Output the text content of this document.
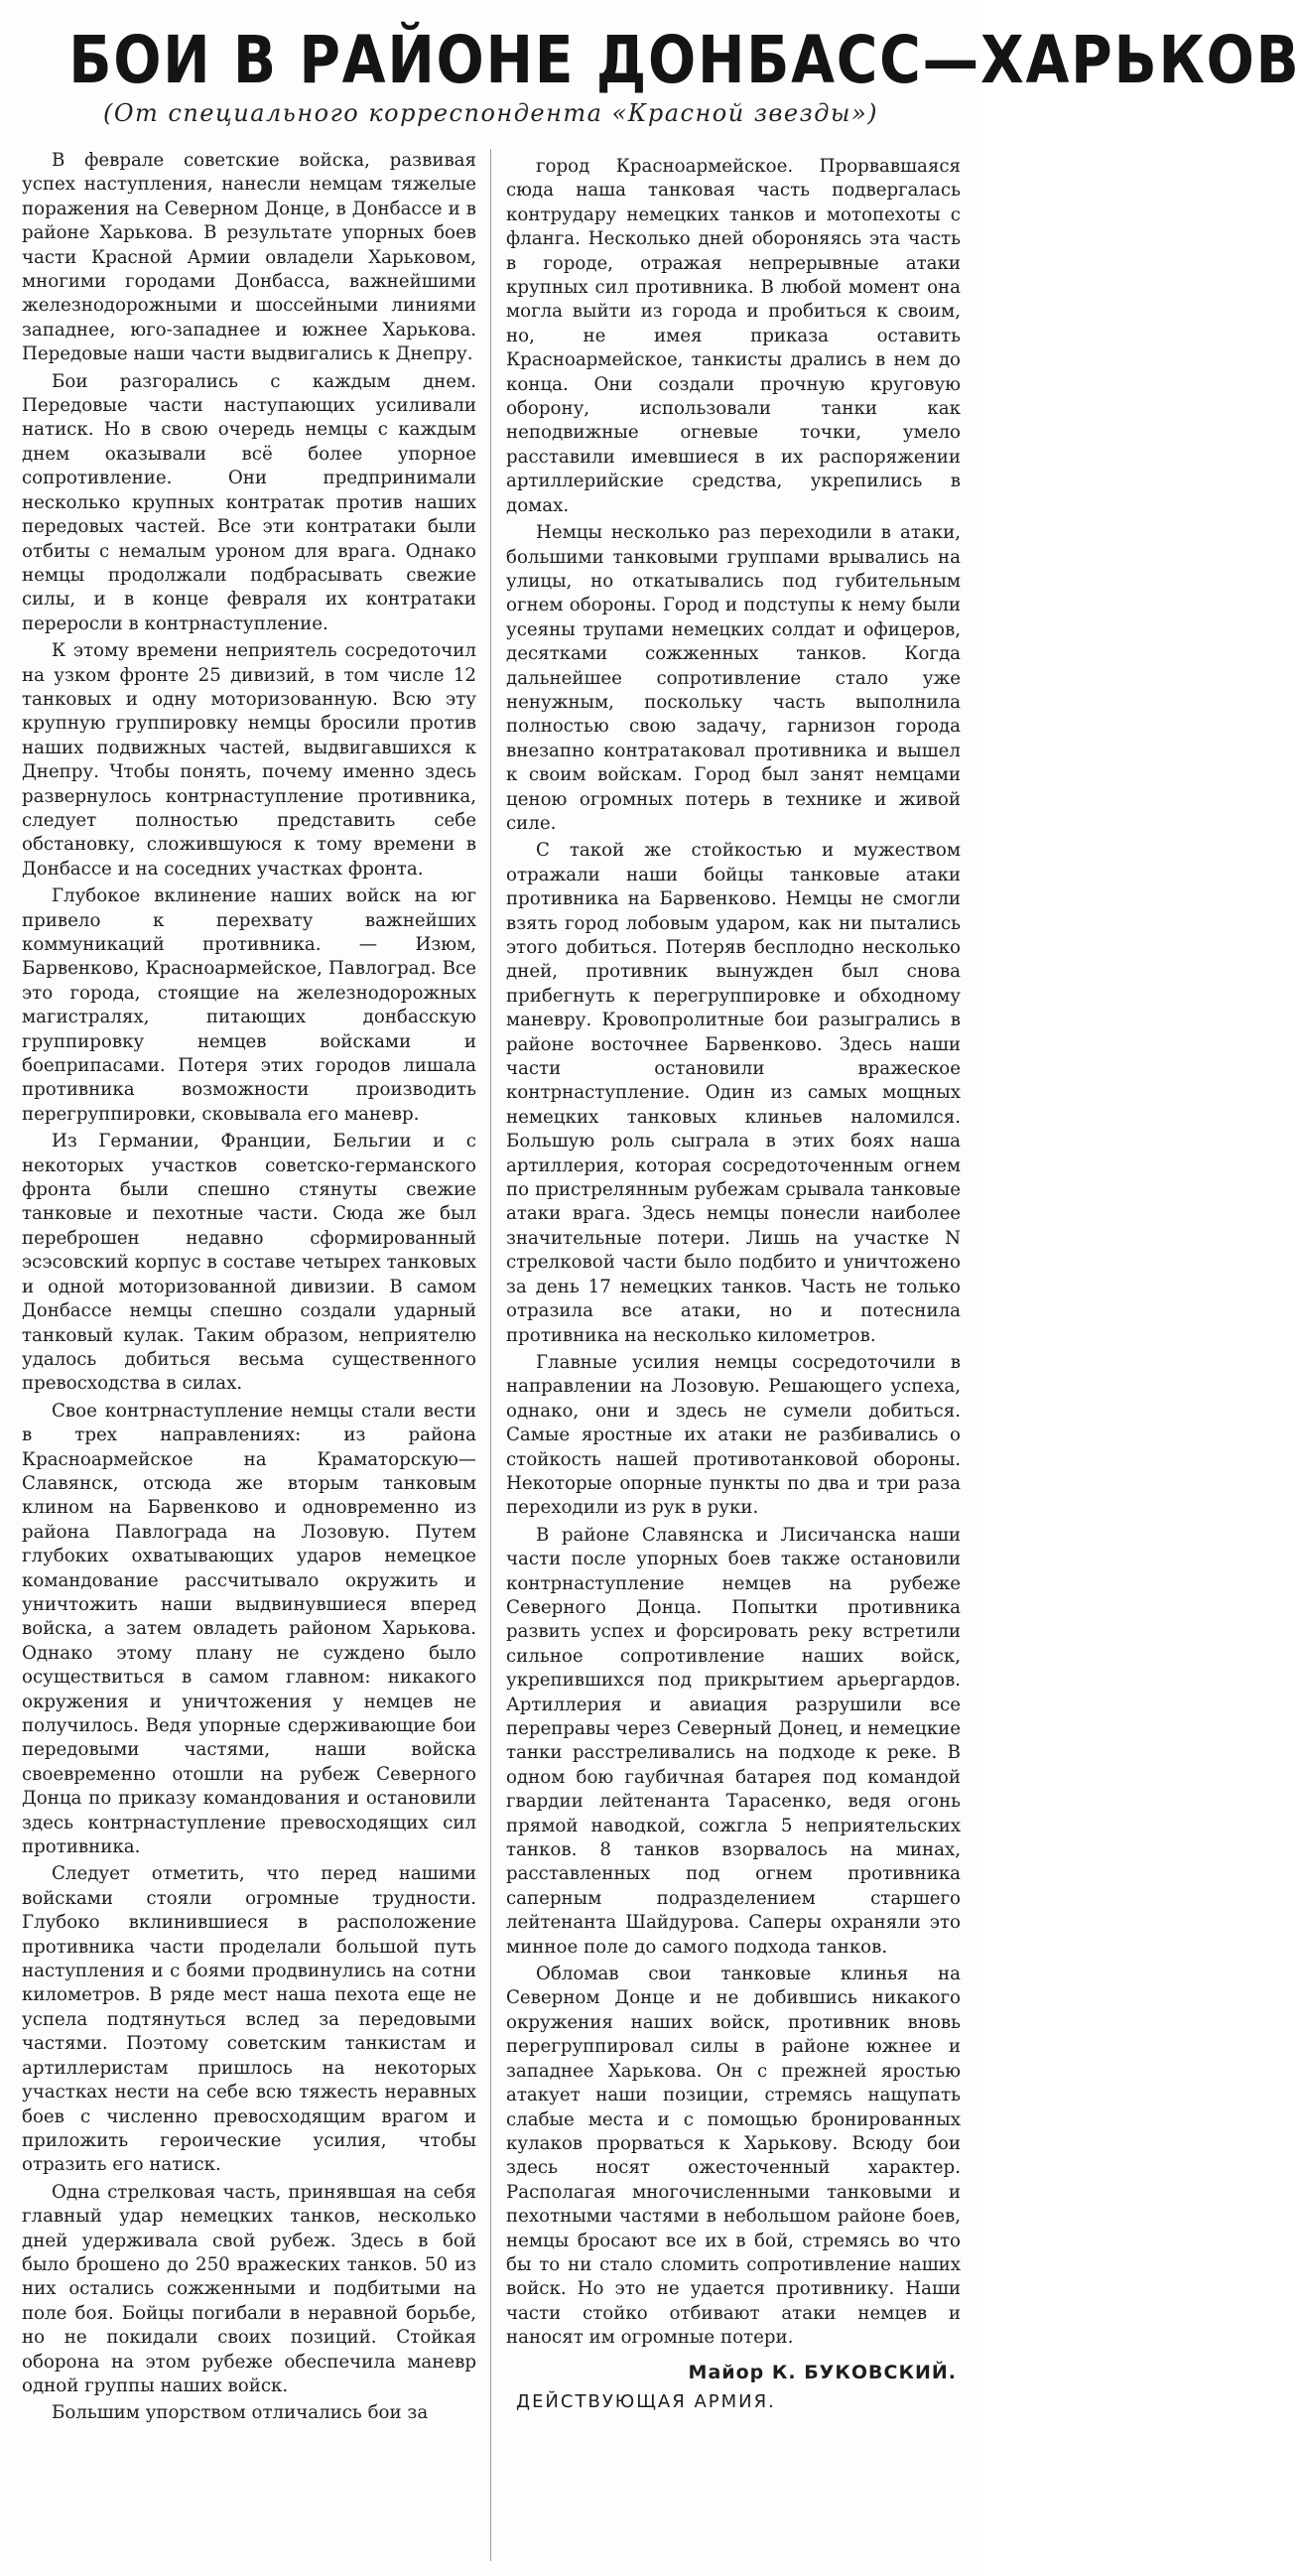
БОИ В РАЙОНЕ ДОНБАСС—ХАРЬКОВ
(От специального корреспондента «Красной звезды»)

В феврале советские войска, развивая успех наступления, нанесли немцам тяжелые поражения на Северном Донце, в Донбассе и в районе Харькова. В результате упорных боев части Красной Армии овладели Харьковом, многими городами Донбасса, важнейшими железнодорожными и шоссейными линиями западнее, юго-западнее и южнее Харькова. Передовые наши части выдвигались к Днепру.

Бои разгорались с каждым днем. Передовые части наступающих усиливали натиск. Но в свою очередь немцы с каждым днем оказывали всё более упорное сопротивление. Они предпринимали несколько крупных контратак против наших передовых частей. Все эти контратаки были отбиты с немалым уроном для врага. Однако немцы продолжали подбрасывать свежие силы, и в конце февраля их контратаки переросли в контрнаступление.

К этому времени неприятель сосредоточил на узком фронте 25 дивизий, в том числе 12 танковых и одну моторизованную. Всю эту крупную группировку немцы бросили против наших подвижных частей, выдвигавшихся к Днепру. Чтобы понять, почему именно здесь развернулось контрнаступление противника, следует полностью представить себе обстановку, сложившуюся к тому времени в Донбассе и на соседних участках фронта.

Глубокое вклинение наших войск на юг привело к перехвату важнейших коммуникаций противника. — Изюм, Барвенково, Красноармейское, Павлоград. Все это города, стоящие на железнодорожных магистралях, питающих донбасскую группировку немцев войсками и боеприпасами. Потеря этих городов лишала противника возможности производить перегруппировки, сковывала его маневр.

Из Германии, Франции, Бельгии и с некоторых участков советско-германского фронта были спешно стянуты свежие танковые и пехотные части. Сюда же был переброшен недавно сформированный эсэсовский корпус в составе четырех танковых и одной моторизованной дивизии. В самом Донбассе немцы спешно создали ударный танковый кулак. Таким образом, неприятелю удалось добиться весьма существенного превосходства в силах.

Свое контрнаступление немцы стали вести в трех направлениях: из района Красноармейское на Краматорскую—Славянск, отсюда же вторым танковым клином на Барвенково и одновременно из района Павлограда на Лозовую. Путем глубоких охватывающих ударов немецкое командование рассчитывало окружить и уничтожить наши выдвинувшиеся вперед войска, а затем овладеть районом Харькова. Однако этому плану не суждено было осуществиться в самом главном: никакого окружения и уничтожения у немцев не получилось. Ведя упорные сдерживающие бои передовыми частями, наши войска своевременно отошли на рубеж Северного Донца по приказу командования и остановили здесь контрнаступление превосходящих сил противника.

Следует отметить, что перед нашими войсками стояли огромные трудности. Глубоко вклинившиеся в расположение противника части проделали большой путь наступления и с боями продвинулись на сотни километров. В ряде мест наша пехота еще не успела подтянуться вслед за передовыми частями. Поэтому советским танкистам и артиллеристам пришлось на некоторых участках нести на себе всю тяжесть неравных боев с численно превосходящим врагом и приложить героические усилия, чтобы отразить его натиск.

Одна стрелковая часть, принявшая на себя главный удар немецких танков, несколько дней удерживала свой рубеж. Здесь в бой было брошено до 250 вражеских танков. 50 из них остались сожженными и подбитыми на поле боя. Бойцы погибали в неравной борьбе, но не покидали своих позиций. Стойкая оборона на этом рубеже обеспечила маневр одной группы наших войск.

Большим упорством отличались бои за

город Красноармейское. Прорвавшаяся сюда наша танковая часть подвергалась контрудару немецких танков и мотопехоты с фланга. Несколько дней обороняясь эта часть в городе, отражая непрерывные атаки крупных сил противника. В любой момент она могла выйти из города и пробиться к своим, но, не имея приказа оставить Красноармейское, танкисты дрались в нем до конца. Они создали прочную круговую оборону, использовали танки как неподвижные огневые точки, умело расставили имевшиеся в их распоряжении артиллерийские средства, укрепились в домах.

Немцы несколько раз переходили в атаки, большими танковыми группами врывались на улицы, но откатывались под губительным огнем обороны. Город и подступы к нему были усеяны трупами немецких солдат и офицеров, десятками сожженных танков. Когда дальнейшее сопротивление стало уже ненужным, поскольку часть выполнила полностью свою задачу, гарнизон города внезапно контратаковал противника и вышел к своим войскам. Город был занят немцами ценою огромных потерь в технике и живой силе.

С такой же стойкостью и мужеством отражали наши бойцы танковые атаки противника на Барвенково. Немцы не смогли взять город лобовым ударом, как ни пытались этого добиться. Потеряв бесплодно несколько дней, противник вынужден был снова прибегнуть к перегруппировке и обходному маневру. Кровопролитные бои разыгрались в районе восточнее Барвенково. Здесь наши части остановили вражеское контрнаступление. Один из самых мощных немецких танковых клиньев наломился. Большую роль сыграла в этих боях наша артиллерия, которая сосредоточенным огнем по пристрелянным рубежам срывала танковые атаки врага. Здесь немцы понесли наиболее значительные потери. Лишь на участке N стрелковой части было подбито и уничтожено за день 17 немецких танков. Часть не только отразила все атаки, но и потеснила противника на несколько километров.

Главные усилия немцы сосредоточили в направлении на Лозовую. Решающего успеха, однако, они и здесь не сумели добиться. Самые яростные их атаки не разбивались о стойкость нашей противотанковой обороны. Некоторые опорные пункты по два и три раза переходили из рук в руки.

В районе Славянска и Лисичанска наши части после упорных боев также остановили контрнаступление немцев на рубеже Северного Донца. Попытки противника развить успех и форсировать реку встретили сильное сопротивление наших войск, укрепившихся под прикрытием арьергардов. Артиллерия и авиация разрушили все переправы через Северный Донец, и немецкие танки расстреливались на подходе к реке. В одном бою гаубичная батарея под командой гвардии лейтенанта Тарасенко, ведя огонь прямой наводкой, сожгла 5 неприятельских танков. 8 танков взорвалось на минах, расставленных под огнем противника саперным подразделением старшего лейтенанта Шайдурова. Саперы охраняли это минное поле до самого подхода танков.

Обломав свои танковые клинья на Северном Донце и не добившись никакого окружения наших войск, противник вновь перегруппировал силы в районе южнее и западнее Харькова. Он с прежней яростью атакует наши позиции, стремясь нащупать слабые места и с помощью бронированных кулаков прорваться к Харькову. Всюду бои здесь носят ожесточенный характер. Располагая многочисленными танковыми и пехотными частями в небольшом районе боев, немцы бросают все их в бой, стремясь во что бы то ни стало сломить сопротивление наших войск. Но это не удается противнику. Наши части стойко отбивают атаки немцев и наносят им огромные потери.

Майор К. БУКОВСКИЙ.
ДЕЙСТВУЮЩАЯ АРМИЯ.
